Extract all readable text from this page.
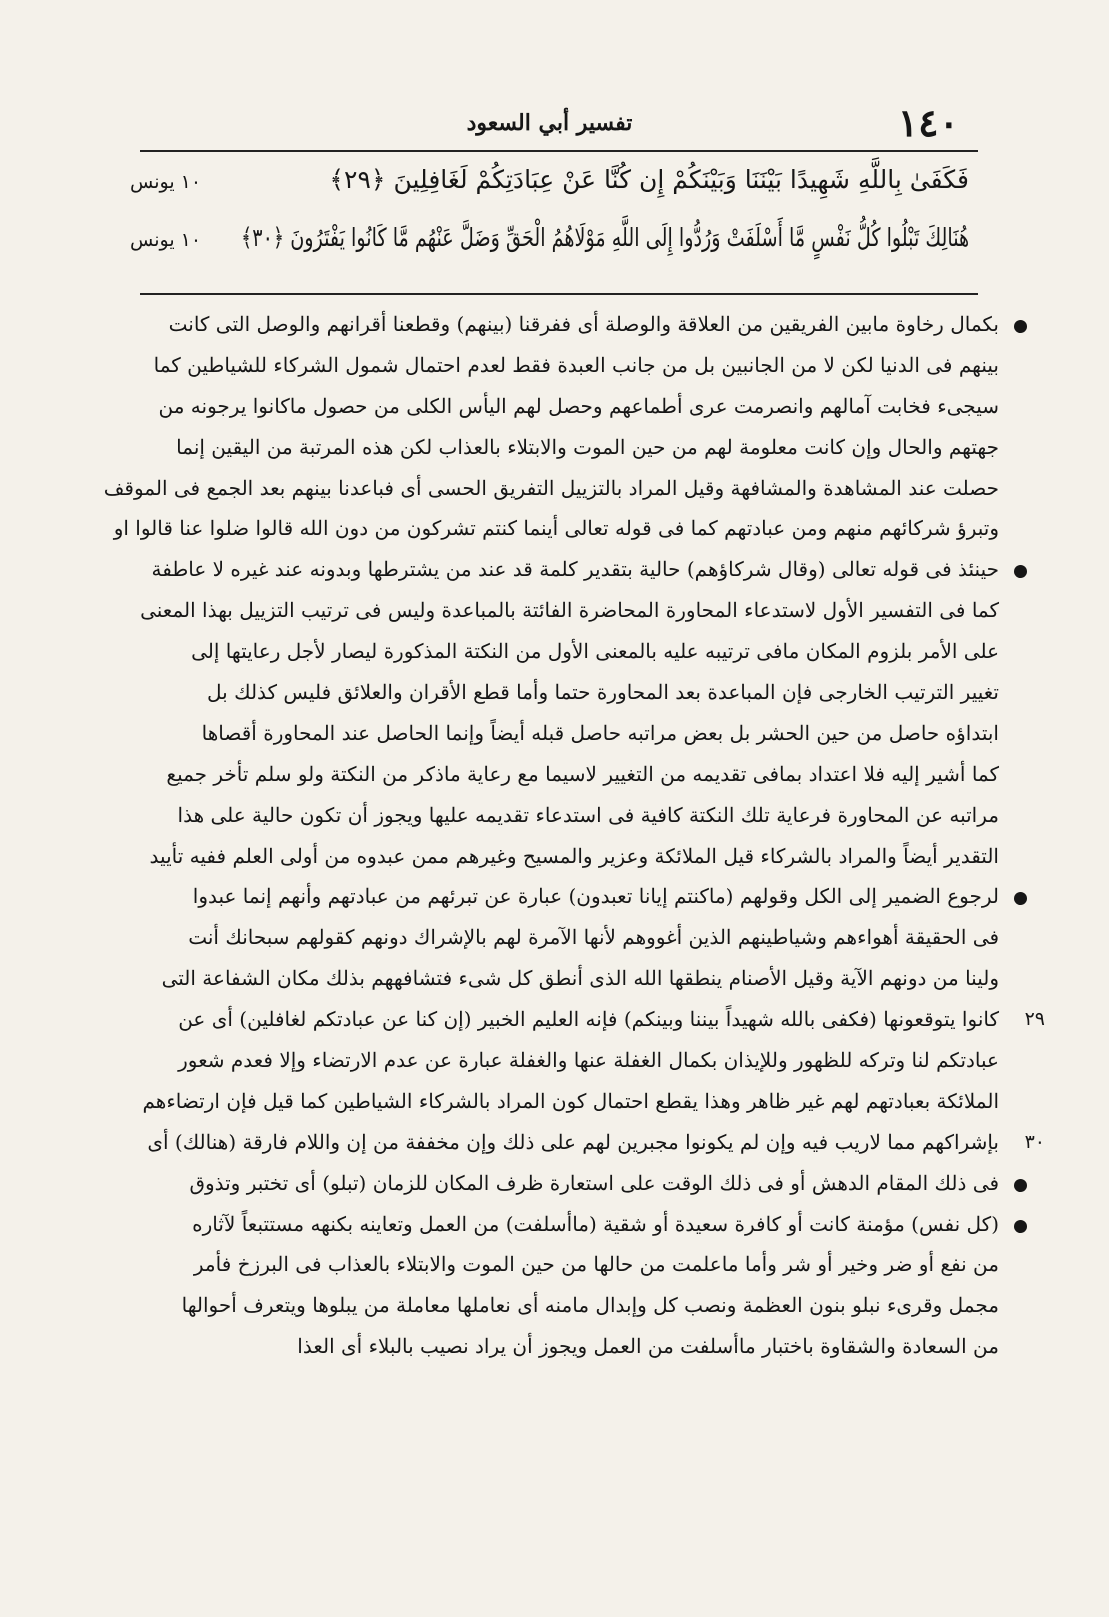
١٤٠
تفسير أبي السعود
فَكَفَىٰ بِاللَّهِ شَهِيدًا بَيْنَنَا وَبَيْنَكُمْ إِن كُنَّا عَنْ عِبَادَتِكُمْ لَغَافِلِينَ ﴿٢٩﴾
١٠ يونس
هُنَالِكَ تَبْلُوا كُلُّ نَفْسٍ مَّا أَسْلَفَتْ وَرُدُّوا إِلَى اللَّهِ مَوْلَاهُمُ الْحَقِّ وَضَلَّ عَنْهُم مَّا كَانُوا يَفْتَرُونَ ﴿٣٠﴾
١٠ يونس
بكمال رخاوة مابين الفريقين من العلاقة والوصلة أى ففرقنا (بينهم) وقطعنا أقرانهم والوصل التى كانت
بينهم فى الدنيا لكن لا من الجانبين بل من جانب العبدة فقط لعدم احتمال شمول الشركاء للشياطين كما
سيجىء فخابت آمالهم وانصرمت عرى أطماعهم وحصل لهم اليأس الكلى من حصول ماكانوا يرجونه من
جهتهم والحال وإن كانت معلومة لهم من حين الموت والابتلاء بالعذاب لكن هذه المرتبة من اليقين إنما
حصلت عند المشاهدة والمشافهة وقيل المراد بالتزييل التفريق الحسى أى فباعدنا بينهم بعد الجمع فى الموقف
وتبرؤ شركائهم منهم ومن عبادتهم كما فى قوله تعالى أينما كنتم تشركون من دون الله قالوا ضلوا عنا قالوا او
حينئذ فى قوله تعالى (وقال شركاؤهم) حالية بتقدير كلمة قد عند من يشترطها وبدونه عند غيره لا عاطفة
كما فى التفسير الأول لاستدعاء المحاورة المحاضرة الفائتة بالمباعدة وليس فى ترتيب التزييل بهذا المعنى
على الأمر بلزوم المكان مافى ترتيبه عليه بالمعنى الأول من النكتة المذكورة ليصار لأجل رعايتها إلى
تغيير الترتيب الخارجى فإن المباعدة بعد المحاورة حتما وأما قطع الأقران والعلائق فليس كذلك بل
ابتداؤه حاصل من حين الحشر بل بعض مراتبه حاصل قبله أيضاً وإنما الحاصل عند المحاورة أقصاها
كما أشير إليه فلا اعتداد بمافى تقديمه من التغيير لاسيما مع رعاية ماذكر من النكتة ولو سلم تأخر جميع
مراتبه عن المحاورة فرعاية تلك النكتة كافية فى استدعاء تقديمه عليها ويجوز أن تكون حالية على هذا
التقدير أيضاً والمراد بالشركاء قيل الملائكة وعزير والمسيح وغيرهم ممن عبدوه من أولى العلم ففيه تأييد
لرجوع الضمير إلى الكل وقولهم (ماكنتم إيانا تعبدون) عبارة عن تبرئهم من عبادتهم وأنهم إنما عبدوا
فى الحقيقة أهواءهم وشياطينهم الذين أغووهم لأنها الآمرة لهم بالإشراك دونهم كقولهم سبحانك أنت
ولينا من دونهم الآية وقيل الأصنام ينطقها الله الذى أنطق كل شىء فتشافههم بذلك مكان الشفاعة التى
٢٩
كانوا يتوقعونها (فكفى بالله شهيداً بيننا وبينكم) فإنه العليم الخبير (إن كنا عن عبادتكم لغافلين) أى عن
عبادتكم لنا وتركه للظهور وللإيذان بكمال الغفلة عنها والغفلة عبارة عن عدم الارتضاء وإلا فعدم شعور
الملائكة بعبادتهم لهم غير ظاهر وهذا يقطع احتمال كون المراد بالشركاء الشياطين كما قيل فإن ارتضاءهم
٣٠
بإشراكهم مما لاريب فيه وإن لم يكونوا مجبرين لهم على ذلك وإن مخففة من إن واللام فارقة (هنالك) أى
فى ذلك المقام الدهش أو فى ذلك الوقت على استعارة ظرف المكان للزمان (تبلو) أى تختبر وتذوق
(كل نفس) مؤمنة كانت أو كافرة سعيدة أو شقية (ماأسلفت) من العمل وتعاينه بكنهه مستتبعاً لآثاره
من نفع أو ضر وخير أو شر وأما ماعلمت من حالها من حين الموت والابتلاء بالعذاب فى البرزخ فأمر
مجمل وقرىء نبلو بنون العظمة ونصب كل وإبدال مامنه أى نعاملها معاملة من يبلوها ويتعرف أحوالها
من السعادة والشقاوة باختبار ماأسلفت من العمل ويجوز أن يراد نصيب بالبلاء أى العذا
